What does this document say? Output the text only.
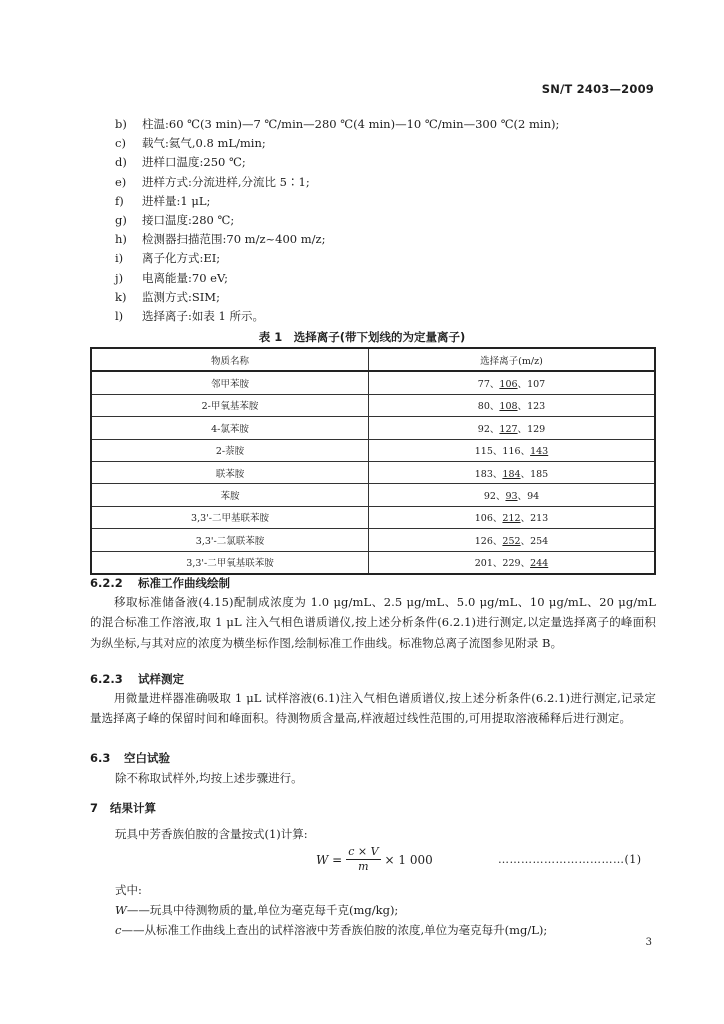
SN/T 2403—2009
b) 柱温:60 ℃(3 min)—7 ℃/min—280 ℃(4 min)—10 ℃/min—300 ℃(2 min);
c) 载气:氦气,0.8 mL/min;
d) 进样口温度:250 ℃;
e) 进样方式:分流进样,分流比 5∶1;
f) 进样量:1 μL;
g) 接口温度:280 ℃;
h) 检测器扫描范围:70 m/z~400 m/z;
i) 离子化方式:EI;
j) 电离能量:70 eV;
k) 监测方式:SIM;
l) 选择离子:如表 1 所示。
表 1　选择离子(带下划线的为定量离子)
物质名称	选择离子(m/z)
邻甲苯胺	77、106、107
2-甲氧基苯胺	80、108、123
4-氯苯胺	92、127、129
2-萘胺	115、116、143
联苯胺	183、184、185
苯胺	92、93、94
3,3'-二甲基联苯胺	106、212、213
3,3'-二氯联苯胺	126、252、254
3,3'-二甲氧基联苯胺	201、229、244
6.2.2 标准工作曲线绘制
移取标准储备液(4.15)配制成浓度为 1.0 μg/mL、2.5 μg/mL、5.0 μg/mL、10 μg/mL、20 μg/mL 的混合标准工作溶液,取 1 μL 注入气相色谱质谱仪,按上述分析条件(6.2.1)进行测定,以定量选择离子的峰面积为纵坐标,与其对应的浓度为横坐标作图,绘制标准工作曲线。标准物总离子流图参见附录 B。
6.2.3 试样测定
用微量进样器准确吸取 1 μL 试样溶液(6.1)注入气相色谱质谱仪,按上述分析条件(6.2.1)进行测定,记录定量选择离子峰的保留时间和峰面积。待测物质含量高,样液超过线性范围的,可用提取溶液稀释后进行测定。
6.3 空白试验
除不称取试样外,均按上述步骤进行。
7 结果计算
玩具中芳香族伯胺的含量按式(1)计算:
$W = \frac{c \times V}{m} \times 1$ 000	……………………………(1)
式中:
W——玩具中待测物质的量,单位为毫克每千克(mg/kg);
c——从标准工作曲线上查出的试样溶液中芳香族伯胺的浓度,单位为毫克每升(mg/L);
3
